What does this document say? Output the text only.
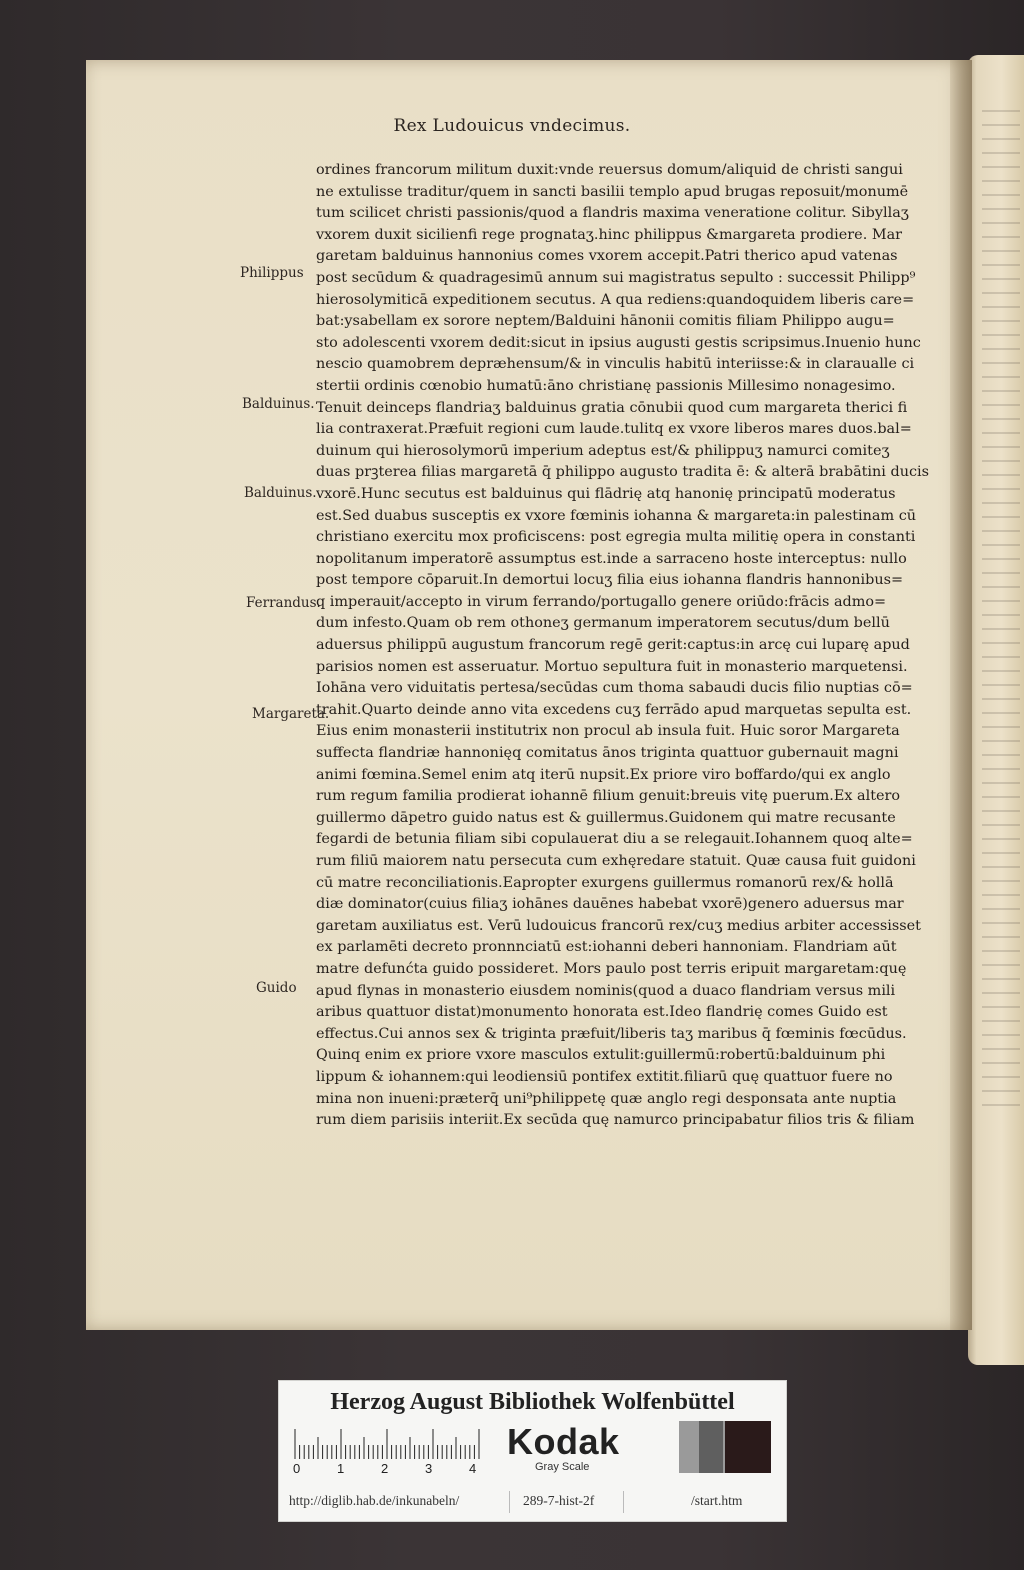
Rex Ludouicus vndecimus.
Philippus
Balduinus.
Balduinus.
Ferrandus.
Margareta.
Guido
ordines francorum militum duxit:vnde reuersus domum/aliquid de christi sangui
ne extulisse traditur/quem in sancti basilii templo apud brugas reposuit/monumē
tum scilicet christi passionis/quod a flandris maxima veneratione colitur. Sibyllaʒ
vxorem duxit sicilienfi rege prognataʒ.hinc philippus &margareta prodiere. Mar
garetam balduinus hannonius comes vxorem accepit.Patri therico apud vatenas
post secūdum & quadragesimū annum sui magistratus sepulto : successit Philipp⁹
hierosolymiticā expeditionem secutus. A qua rediens:quandoquidem liberis care=
bat:ysabellam ex sorore neptem/Balduini hānonii comitis filiam Philippo augu=
sto adolescenti vxorem dedit:sicut in ipsius augusti gestis scripsimus.Inuenio hunc
nescio quamobrem depræhensum/& in vinculis habitū interiisse:& in claraualle ci
stertii ordinis cœnobio humatū:āno christianę passionis Millesimo nonagesimo.
Tenuit deinceps flandriaʒ balduinus gratia cōnubii quod cum margareta therici fi
lia contraxerat.Præfuit regioni cum laude.tulitq ex vxore liberos mares duos.bal=
duinum qui hierosolymorū imperium adeptus est/& philippuʒ namurci comiteʒ
duas prꝫterea filias margaretā q̄ philippo augusto tradita ē: & alterā brabātini ducis
vxorē.Hunc secutus est balduinus qui flādrię atq hanonię principatū moderatus
est.Sed duabus susceptis ex vxore fœminis iohanna & margareta:in palestinam cū
christiano exercitu mox proficiscens: post egregia multa militię opera in constanti
nopolitanum imperatorē assumptus est.inde a sarraceno hoste interceptus: nullo
post tempore cōparuit.In demortui locuʒ filia eius iohanna flandris hannonibus=
q imperauit/accepto in virum ferrando/portugallo genere oriūdo:frācis admo=
dum infesto.Quam ob rem othoneʒ germanum imperatorem secutus/dum bellū
aduersus philippū augustum francorum regē gerit:captus:in arcę cui luparę apud
parisios nomen est asseruatur. Mortuo sepultura fuit in monasterio marquetensi.
Iohāna vero viduitatis pertesa/secūdas cum thoma sabaudi ducis filio nuptias cō=
trahit.Quarto deinde anno vita excedens cuʒ ferrādo apud marquetas sepulta est.
Eius enim monasterii institutrix non procul ab insula fuit. Huic soror Margareta
suffecta flandriæ hannonięq comitatus ānos triginta quattuor gubernauit magni
animi fœmina.Semel enim atq iterū nupsit.Ex priore viro boffardo/qui ex anglo
rum regum familia prodierat iohannē filium genuit:breuis vitę puerum.Ex altero
guillermo dāpetro guido natus est & guillermus.Guidonem qui matre recusante
fegardi de betunia filiam sibi copulauerat diu a se relegauit.Iohannem quoq alte=
rum filiū maiorem natu persecuta cum exhęredare statuit. Quæ causa fuit guidoni
cū matre reconciliationis.Eapropter exurgens guillermus romanorū rex/& hollā
diæ dominator(cuius filiaʒ iohānes dauēnes habebat vxorē)genero aduersus mar
garetam auxiliatus est. Verū ludouicus francorū rex/cuʒ medius arbiter accessisset
ex parlamēti decreto pronnnciatū est:iohanni deberi hannoniam. Flandriam aūt
matre defunćta guido possideret. Mors paulo post terris eripuit margaretam:quę
apud flynas in monasterio eiusdem nominis(quod a duaco flandriam versus mili
aribus quattuor distat)monumento honorata est.Ideo flandrię comes Guido est
effectus.Cui annos sex & triginta præfuit/liberis taʒ maribus q̄ fœminis fœcūdus.
Quinq enim ex priore vxore masculos extulit:guillermū:robertū:balduinum phi
lippum & iohannem:qui leodiensiū pontifex extitit.filiarū quę quattuor fuere no
mina non inueni:præterq̄ uni⁹philippetę quæ anglo regi desponsata ante nuptia
rum diem parisiis interiit.Ex secūda quę namurco principabatur filios tris & filiam
Herzog August Bibliothek Wolfenbüttel
0	1	2	3	4
Kodak
Gray Scale
http://diglib.hab.de/inkunabeln/	289-7-hist-2f	/start.htm
